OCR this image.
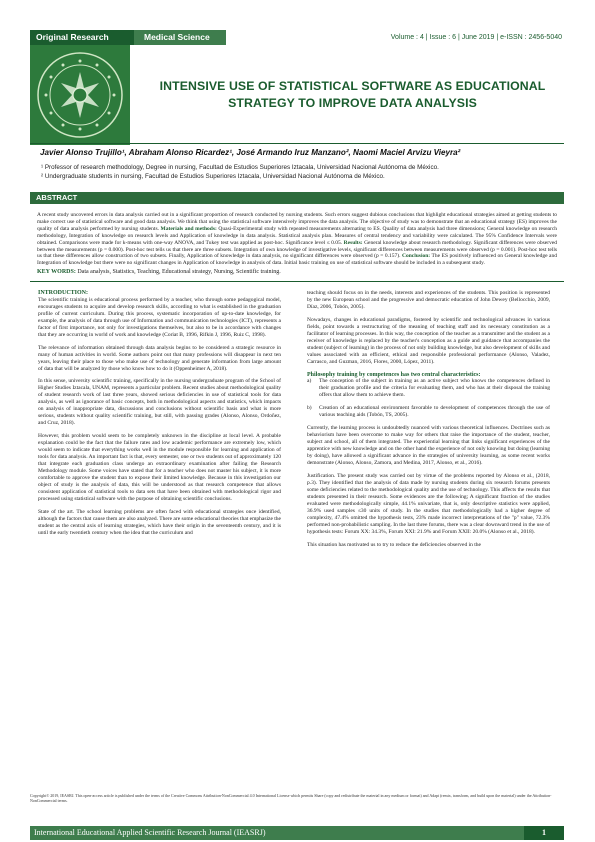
Original Research	Medical Science	Volume : 4 | Issue : 6 | June 2019 | e-ISSN : 2456-5040
INTENSIVE USE OF STATISTICAL SOFTWARE AS EDUCATIONAL
STRATEGY TO IMPROVE DATA ANALYSIS
Javier Alonso Trujillo¹, Abraham Alonso Ricardez¹, José Armando Iruz Manzano², Naomi Maciel Arvizu Vieyra²
¹ Professor of research methodology, Degree in nursing, Facultad de Estudios Superiores Iztacala, Universidad Nacional Autónoma de México.
² Undergraduate students in nursing, Facultad de Estudios Superiores Iztacala, Universidad Nacional Autónoma de México.
ABSTRACT
A recent study uncovered errors in data analysis carried out in a significant proportion of research conducted by nursing students. Such errors suggest dubious conclusions that highlight educational strategies aimed at getting students to make correct use of statistical software and good data analysis. We think that using the statistical software intensively improves the data analysis. The objective of study was to demonstrate that an educational strategy (ES) improves the quality of data analysis performed by nursing students. Materials and methods: Quasi-Experimental study with repeated measurements alternating to ES. Quality of data analysis had three dimensions; General knowledge on research methodology, Integration of knowledge on research levels and Application of knowledge in data analysis. Statistical analysis plan. Measures of central tendency and variability were calculated. The 95% Confidence Intervals were obtained. Comparisons were made for k-means with one-way ANOVA, and Tukey test was applied as post-hoc. Significance level ≤ 0.05. Results: General knowledge about research methodology. Significant differences were observed between the measurements (p = 0.000). Post-hoc test tells us that there are three subsets. Integration of own knowledge of investigative levels, significant differences between measurements were observed (p = 0.001). Post-hoc test tells us that these differences allow construction of two subsets. Finally, Application of knowledge in data analysis, no significant differences were observed (p = 0.157). Conclusion: The ES positively influenced on General knowledge and Integration of knowledge but there were no significant changes in Application of knowledge in analysis of data. Initial basic training on use of statistical software should be included in a subsequent study.
KEY WORDS: Data analysis, Statistics, Teaching, Educational strategy, Nursing, Scientific training.
INTRODUCTION:

The scientific training is educational process performed by a teacher, who through some pedagogical model, encourages students to acquire and develop research skills, according to what is established in the graduation profile of current curriculum. During this process, systematic incorporation of up-to-date knowledge, for example, the analysis of data through use of Information and communication technologies (ICT), represents a factor of first importance, not only for investigations themselves, but also to be in accordance with changes that they are occurring in world of work and knowledge (Coriat B, 1996, Rifkin J, 1996, Ruiz C, 1998).

The relevance of information obtained through data analysis begins to be considered a strategic resource in many of human activities in world. Some authors point out that many professions will disappear in next ten years, leaving their place to those who make use of technology and generate information from large amount of data that will be analyzed by those who know how to do it (Oppenheimer A, 2018).

In this sense, university scientific training, specifically in the nursing undergraduate program of the School of Higher Studies Iztacala, UNAM, represents a particular problem. Recent studies about methodological quality of student research work of last three years, showed serious deficiencies in use of statistical tools for data analysis, as well as ignorance of basic concepts, both in methodological aspects and statistics, which impacts on analysis of inappropriate data, discussions and conclusions without scientific basis and what is more serious, students without quality scientific training, but still, with passing grades (Alonso, Alonso, Ordoñez, and Cruz, 2018).

However, this problem would seem to be completely unknown in the discipline at local level. A probable explanation could be the fact that the failure rates and low academic performance are extremely low, which would seem to indicate that everything works well in the module responsible for learning and application of tools for data analysis. An important fact is that, every semester, one or two students out of approximately 120 that integrate each graduation class undergo an extraordinary examination after failing the Research Methodology module. Some voices have stated that for a teacher who does not master his subject, it is more comfortable to approve the student than to expose their limited knowledge. Because in this investigation our object of study is the analysis of data, this will be understood as that research competence that allows consistent application of statistical tools to data sets that have been obtained with methodological rigor and processed using statistical software with the purpose of obtaining scientific conclusions.

State of the art. The school learning problems are often faced with educational strategies once identified, although the factors that cause them are also analyzed. There are some educational theories that emphasize the student as the central axis of learning strategies, which have their origin in the seventeenth century, and it is until the early twentieth century when the idea that the curriculum and

teaching should focus on in the needs, interests and experiences of the students. This position is represented by the new European school and the progressive and democratic education of John Dewey (Bellocchio, 2009, Díaz, 2006, Tobón, 2005).

Nowadays, changes in educational paradigms, fostered by scientific and technological advances in various fields, point towards a restructuring of the meaning of teaching staff and its necessary constitution as a facilitator of learning processes. In this way, the conception of the teacher as a transmitter and the student as a receiver of knowledge is replaced by the teacher's conception as a guide and guidance that accompanies the student (subject of learning) in the process of not only building knowledge, but also development of skills and values associated with an efficient, ethical and responsible professional performance (Alonso, Valadez, Carrasco, and Guzman, 2016, Flores, 2000, López, 2011).

Philosophy training by competences has two central characteristics:
a)	The conception of the subject in training as an active subject who knows the competences defined in their graduation profile and the criteria for evaluating them, and who has at their disposal the training offers that allow them to achieve them.
b)	Creation of an educational environment favorable to development of competences through the use of various teaching aids (Tobón, TS, 2005).

Currently, the learning process is undoubtedly nuanced with various theoretical influences. Doctrines such as behaviorism have been overcome to make way for others that raise the importance of the student, teacher, subject and school, all of them integrated. The experiential learning that links significant experiences of the apprentice with new knowledge and on the other hand the experience of not only knowing but doing (learning by doing), have allowed a significant advance in the strategies of university learning, as some recent works demonstrate (Alonso, Alonso, Zamora, and Medina, 2017, Alonso, et al., 2016).

Justification. The present study was carried out by virtue of the problems reported by Alonso et al., (2018, p.3). They identified that the analysis of data made by nursing students during six research forums presents some deficiencies related to the methodological quality and the use of technology. This affects the results that students presented in their research. Some evidences are the following; A significant fraction of the studies evaluated were methodologically simple, 44.1% univariate, that is, only descriptive statistics were applied, 36.9% used samples ≤30 units of study. In the studies that methodologically had a higher degree of complexity, 47.4% omitted the hypothesis tests, 23% made incorrect interpretations of the "p" value, 72.3% performed non-probabilistic sampling. In the last three forums, there was a clear downward trend in the use of hypothesis tests: Forum XX: 34.3%, Forum XXI: 21.9% and Forum XXII: 20.0% (Alonso et al., 2018).

This situation has motivated us to try to reduce the deficiencies observed in the

Copyright© 2019, IEASRJ. This open-access article is published under the terms of the Creative Commons Attribution-NonCommercial 4.0 International License which permits Share (copy and redistribute the material in any medium or format) and Adapt (remix, transform, and build upon the material) under the Attribution-NonCommercial terms.
International Educational Applied Scientific Research Journal (IEASRJ)	1
